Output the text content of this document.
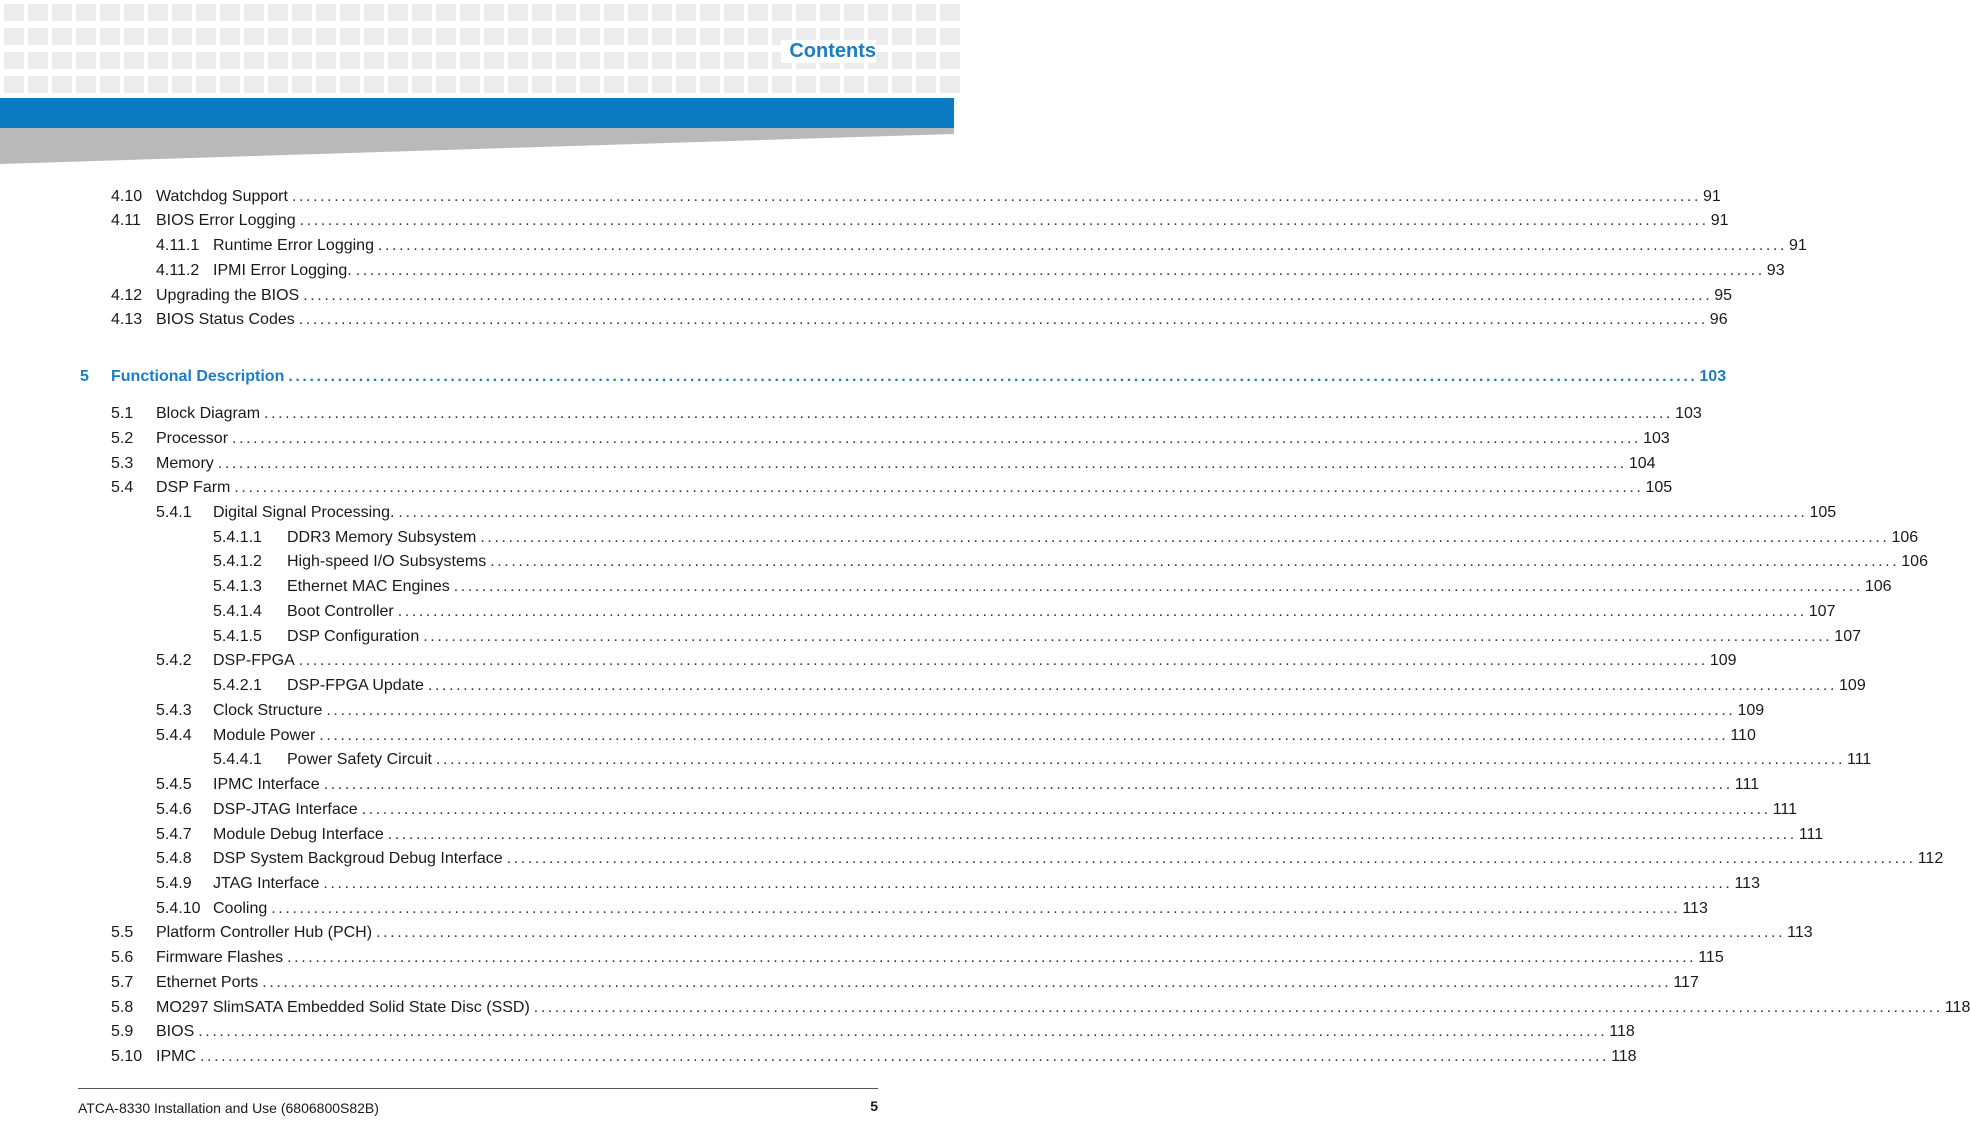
Contents
4.10 Watchdog Support ........................................................................................................................................................................................................ 91
4.11 BIOS Error Logging ........................................................................................................................................................................................................ 91
4.11.1 Runtime Error Logging ........................................................................................................................................................................................................ 91
4.11.2 IPMI Error Logging. ........................................................................................................................................................................................................ 93
4.12 Upgrading the BIOS ........................................................................................................................................................................................................ 95
4.13 BIOS Status Codes ........................................................................................................................................................................................................ 96
5	Functional Description ........................................................................................................................................................................................................ 103
5.1	Block Diagram ........................................................................................................................................................................................................ 103
5.2	Processor ........................................................................................................................................................................................................ 103
5.3	Memory ........................................................................................................................................................................................................ 104
5.4	DSP Farm ........................................................................................................................................................................................................ 105
5.4.1	Digital Signal Processing. ........................................................................................................................................................................................................ 105
5.4.1.1	DDR3 Memory Subsystem ........................................................................................................................................................................................................ 106
5.4.1.2	High-speed I/O Subsystems ........................................................................................................................................................................................................ 106
5.4.1.3	Ethernet MAC Engines ........................................................................................................................................................................................................ 106
5.4.1.4	Boot Controller ........................................................................................................................................................................................................ 107
5.4.1.5	DSP Configuration ........................................................................................................................................................................................................ 107
5.4.2	DSP-FPGA ........................................................................................................................................................................................................ 109
5.4.2.1	DSP-FPGA Update ........................................................................................................................................................................................................ 109
5.4.3	Clock Structure ........................................................................................................................................................................................................ 109
5.4.4	Module Power ........................................................................................................................................................................................................ 110
5.4.4.1	Power Safety Circuit ........................................................................................................................................................................................................ 111
5.4.5	IPMC Interface ........................................................................................................................................................................................................ 111
5.4.6	DSP-JTAG Interface ........................................................................................................................................................................................................ 111
5.4.7	Module Debug Interface ........................................................................................................................................................................................................ 111
5.4.8	DSP System Backgroud Debug Interface ........................................................................................................................................................................................................ 112
5.4.9	JTAG Interface ........................................................................................................................................................................................................ 113
5.4.10 Cooling ........................................................................................................................................................................................................ 113
5.5	Platform Controller Hub (PCH) ........................................................................................................................................................................................................ 113
5.6	Firmware Flashes ........................................................................................................................................................................................................ 115
5.7	Ethernet Ports ........................................................................................................................................................................................................ 117
5.8	MO297 SlimSATA Embedded Solid State Disc (SSD) ........................................................................................................................................................................................................ 118
5.9	BIOS ........................................................................................................................................................................................................ 118
5.10 IPMC ........................................................................................................................................................................................................ 118
ATCA-8330 Installation and Use (6806800S82B)	5
